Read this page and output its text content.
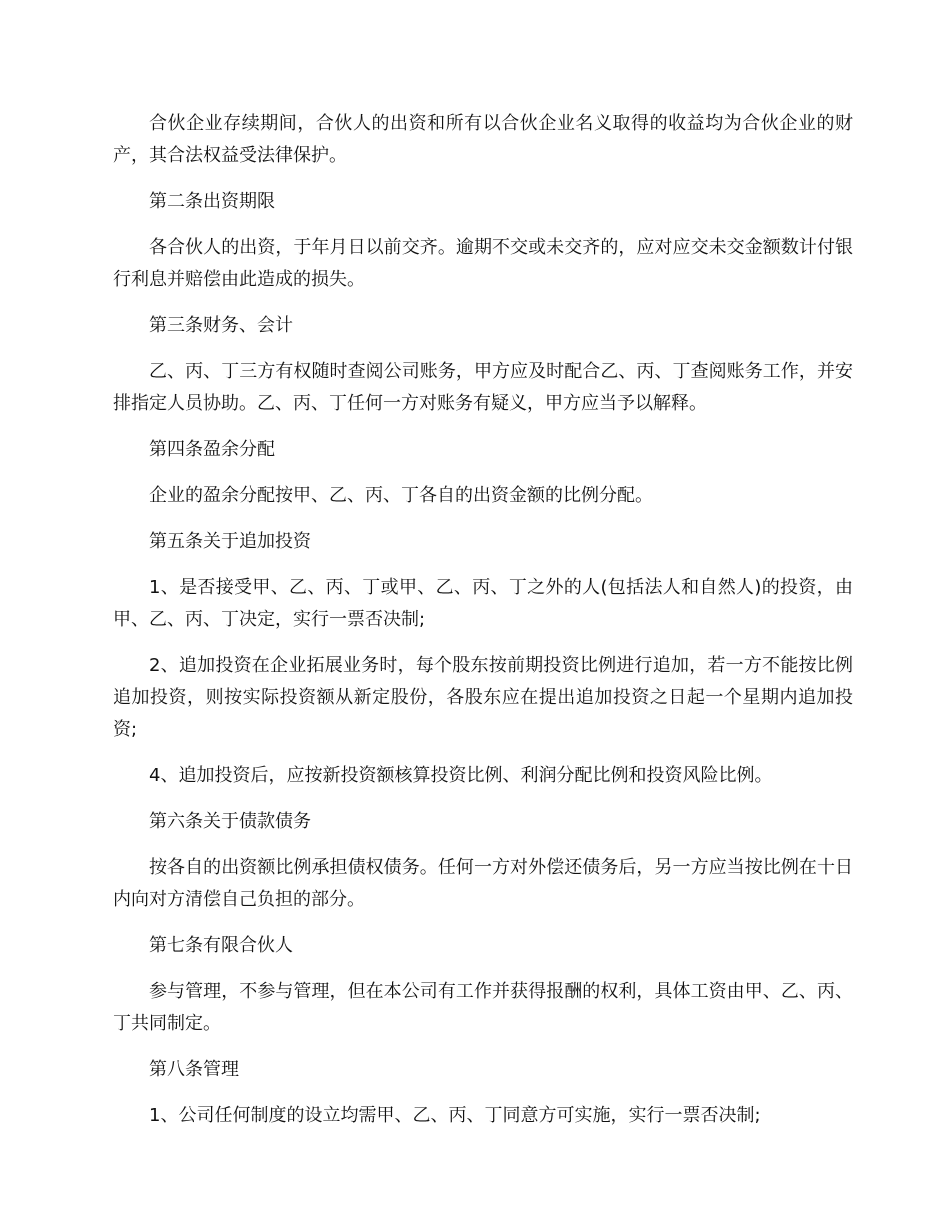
合伙企业存续期间，合伙人的出资和所有以合伙企业名义取得的收益均为合伙企业的财产，其合法权益受法律保护。

第二条出资期限

各合伙人的出资，于年月日以前交齐。逾期不交或未交齐的，应对应交未交金额数计付银行利息并赔偿由此造成的损失。

第三条财务、会计

乙、丙、丁三方有权随时查阅公司账务，甲方应及时配合乙、丙、丁查阅账务工作，并安排指定人员协助。乙、丙、丁任何一方对账务有疑义，甲方应当予以解释。

第四条盈余分配

企业的盈余分配按甲、乙、丙、丁各自的出资金额的比例分配。

第五条关于追加投资

1、是否接受甲、乙、丙、丁或甲、乙、丙、丁之外的人(包括法人和自然人)的投资，由甲、乙、丙、丁决定，实行一票否决制;

2、追加投资在企业拓展业务时，每个股东按前期投资比例进行追加，若一方不能按比例追加投资，则按实际投资额从新定股份，各股东应在提出追加投资之日起一个星期内追加投资;

4、追加投资后，应按新投资额核算投资比例、利润分配比例和投资风险比例。

第六条关于债款债务

按各自的出资额比例承担债权债务。任何一方对外偿还债务后，另一方应当按比例在十日内向对方清偿自己负担的部分。

第七条有限合伙人

参与管理，不参与管理，但在本公司有工作并获得报酬的权利，具体工资由甲、乙、丙、丁共同制定。

第八条管理

1、公司任何制度的设立均需甲、乙、丙、丁同意方可实施，实行一票否决制;
